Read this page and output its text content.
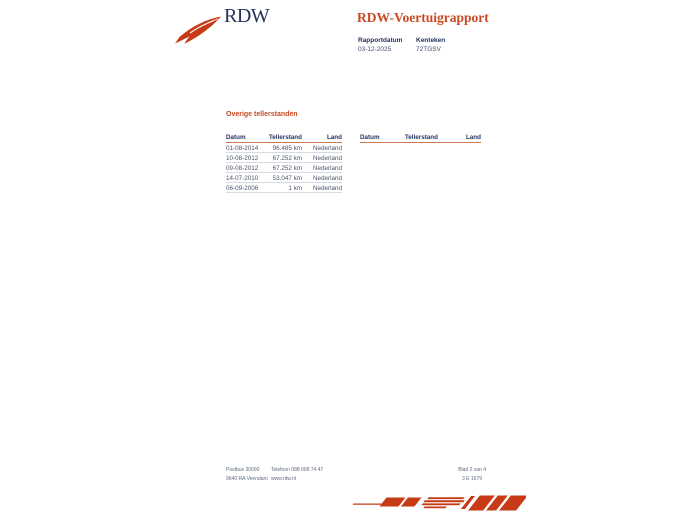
RDW	RDW-Voertuigrapport
Rapportdatum
03-12-2025
Kenteken
72TGSV
Overige tellerstanden
Datum	Tellerstand	Land
01-08-2014 96.485 km Nederland
10-08-2012 67.252 km Nederland
09-08-2012 67.252 km Nederland
14-07-2010 53.047 km Nederland
06-09-2006	1 km Nederland
Datum	Tellerstand	Land
Postbus 30000
9640 RA Veendam
Telefoon 088 008 74 47
www.rdw.nl
Blad 2 van 4
3 E 1679
